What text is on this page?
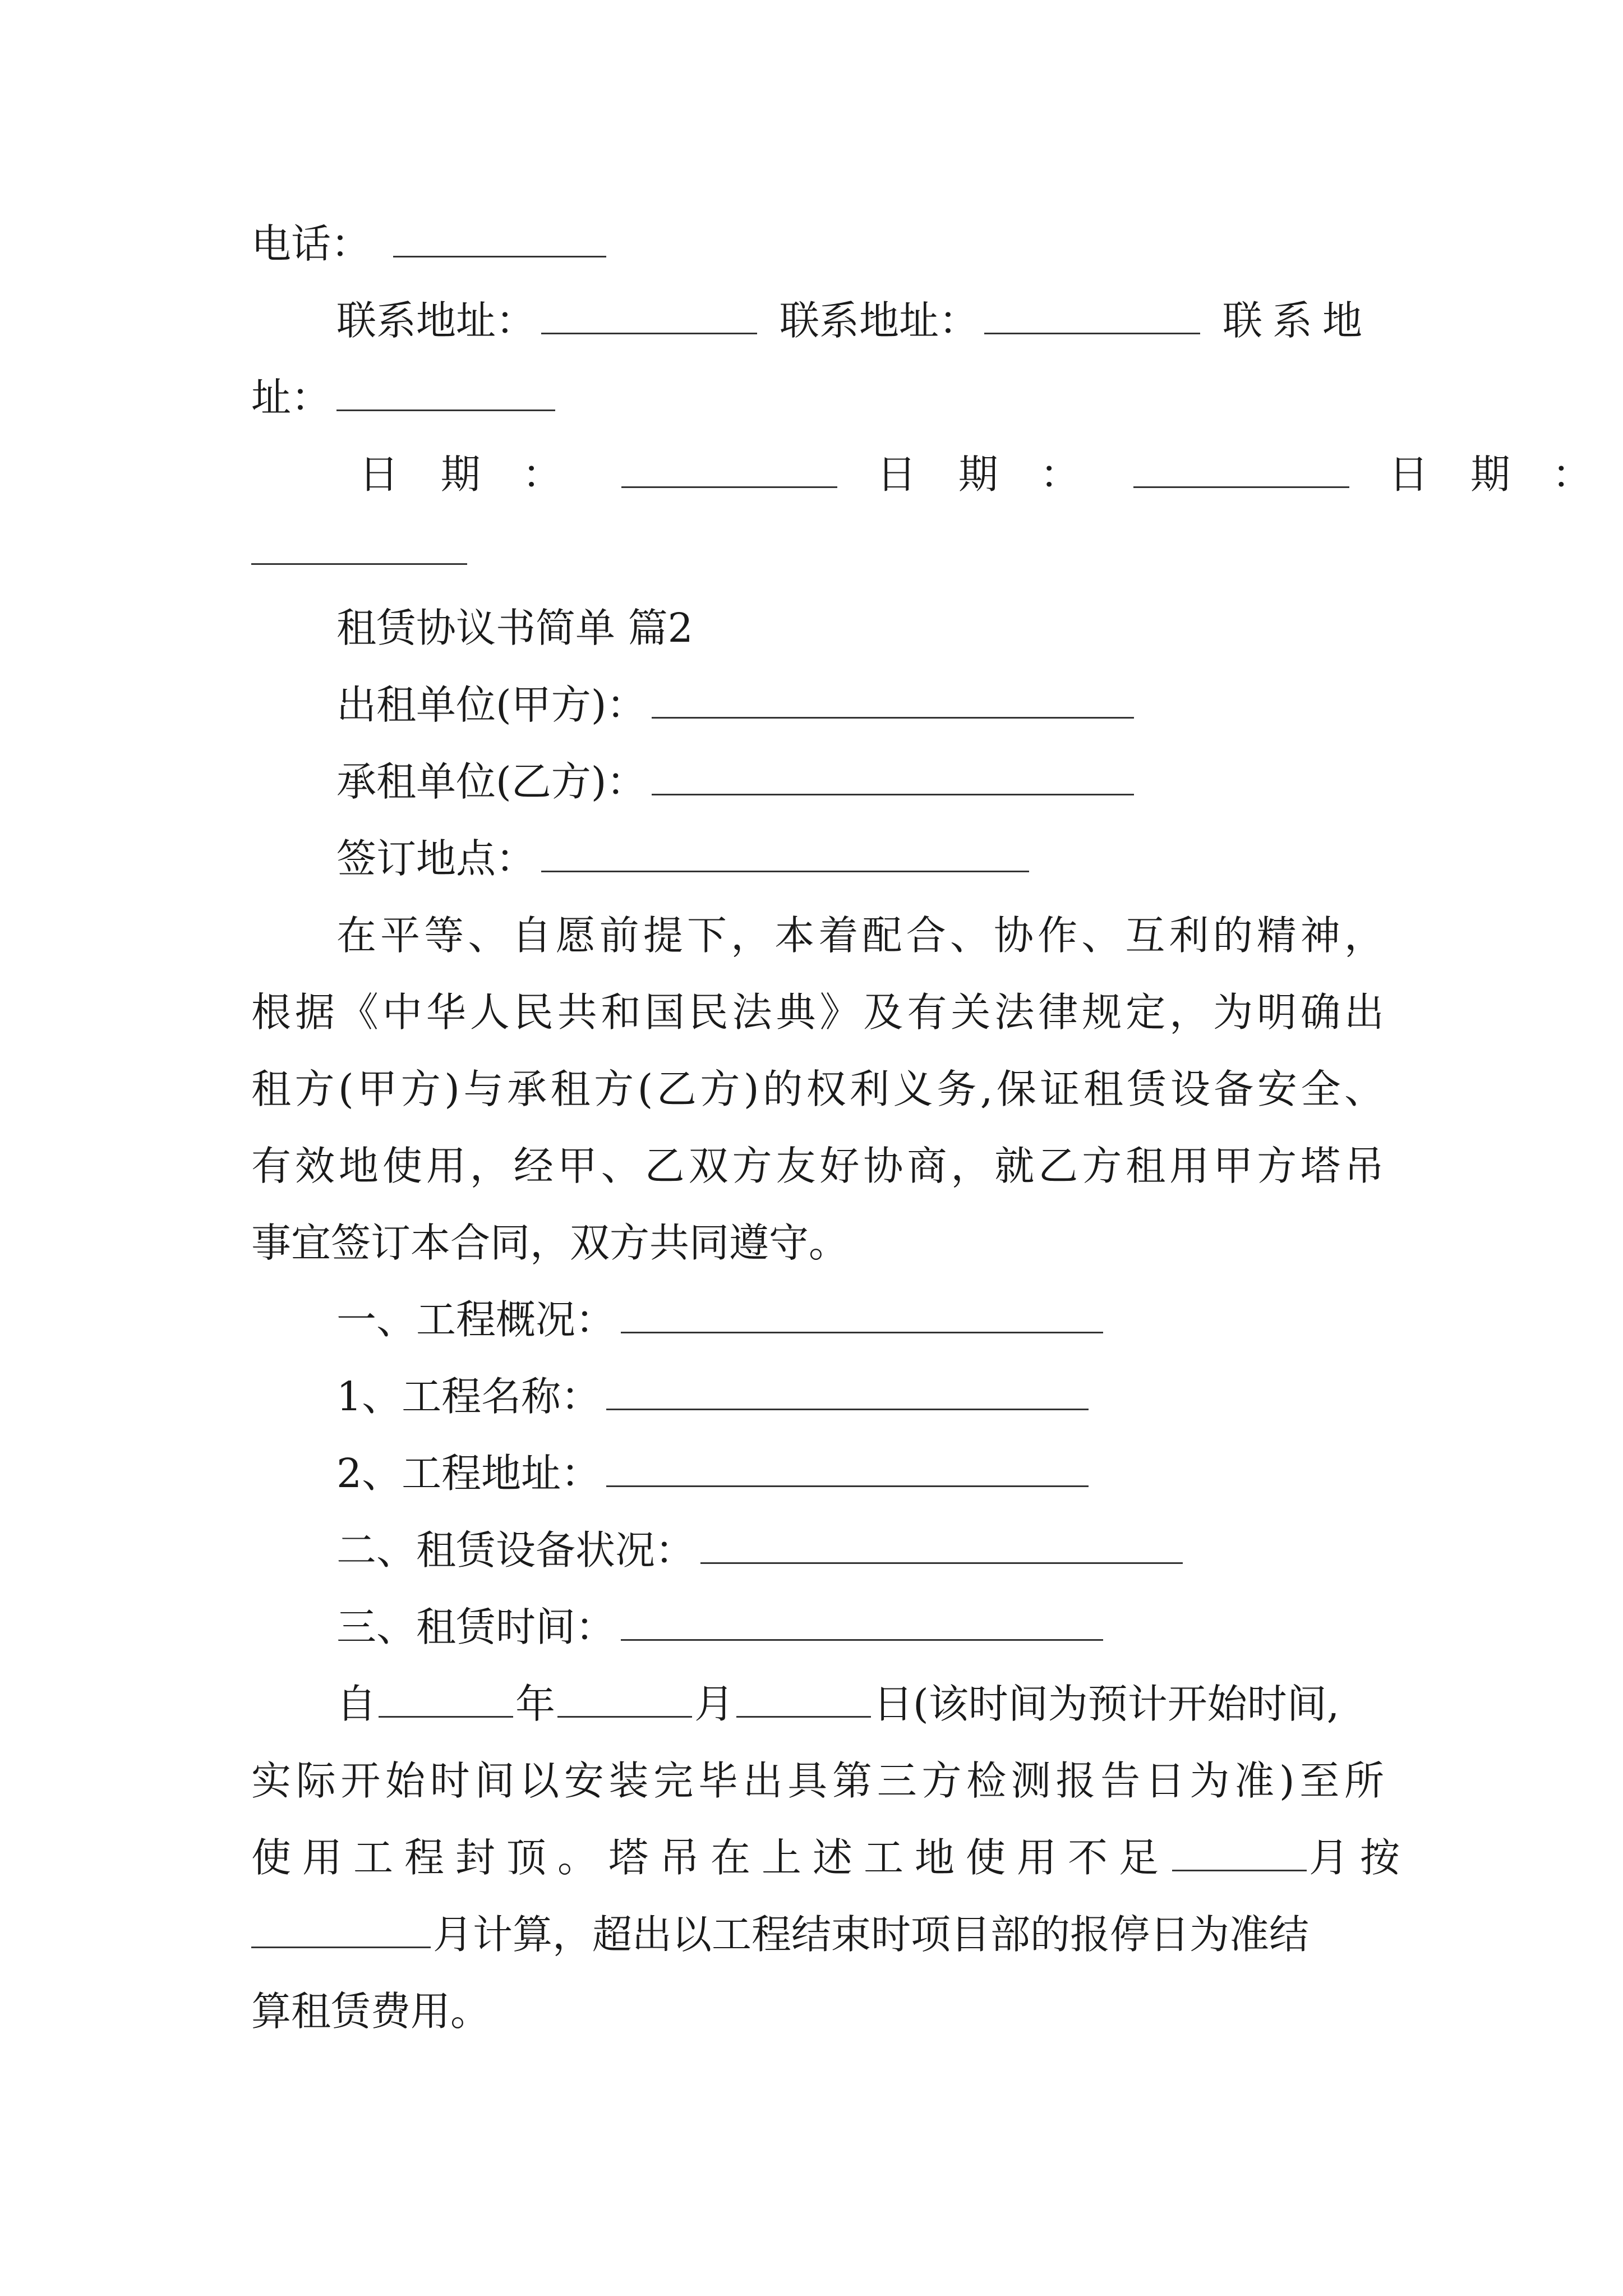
电话：
联系地址：	联系地址：	联系地
址：
日 期 ：	日 期 ：	日 期 ：
租赁协议书简单 篇2
出租单位(甲方)：
承租单位(乙方)：
签订地点：
在平等、自愿前提下，本着配合、协作、互利的精神，
根据《中华人民共和国民法典》及有关法律规定，为明确出
租方(甲方)与承租方(乙方)的权利义务,保证租赁设备安全、
有效地使用，经甲、乙双方友好协商，就乙方租用甲方塔吊
事宜签订本合同，双方共同遵守。
一、工程概况：
1、工程名称：
2、工程地址：
二、租赁设备状况：
三、租赁时间：
自	年	月	日(该时间为预计开始时间,
实际开始时间以安装完毕出具第三方检测报告日为准)至所
使用工程封顶。塔吊在上述工地使用不足	月按
月计算，超出以工程结束时项目部的报停日为准结
算租赁费用。
